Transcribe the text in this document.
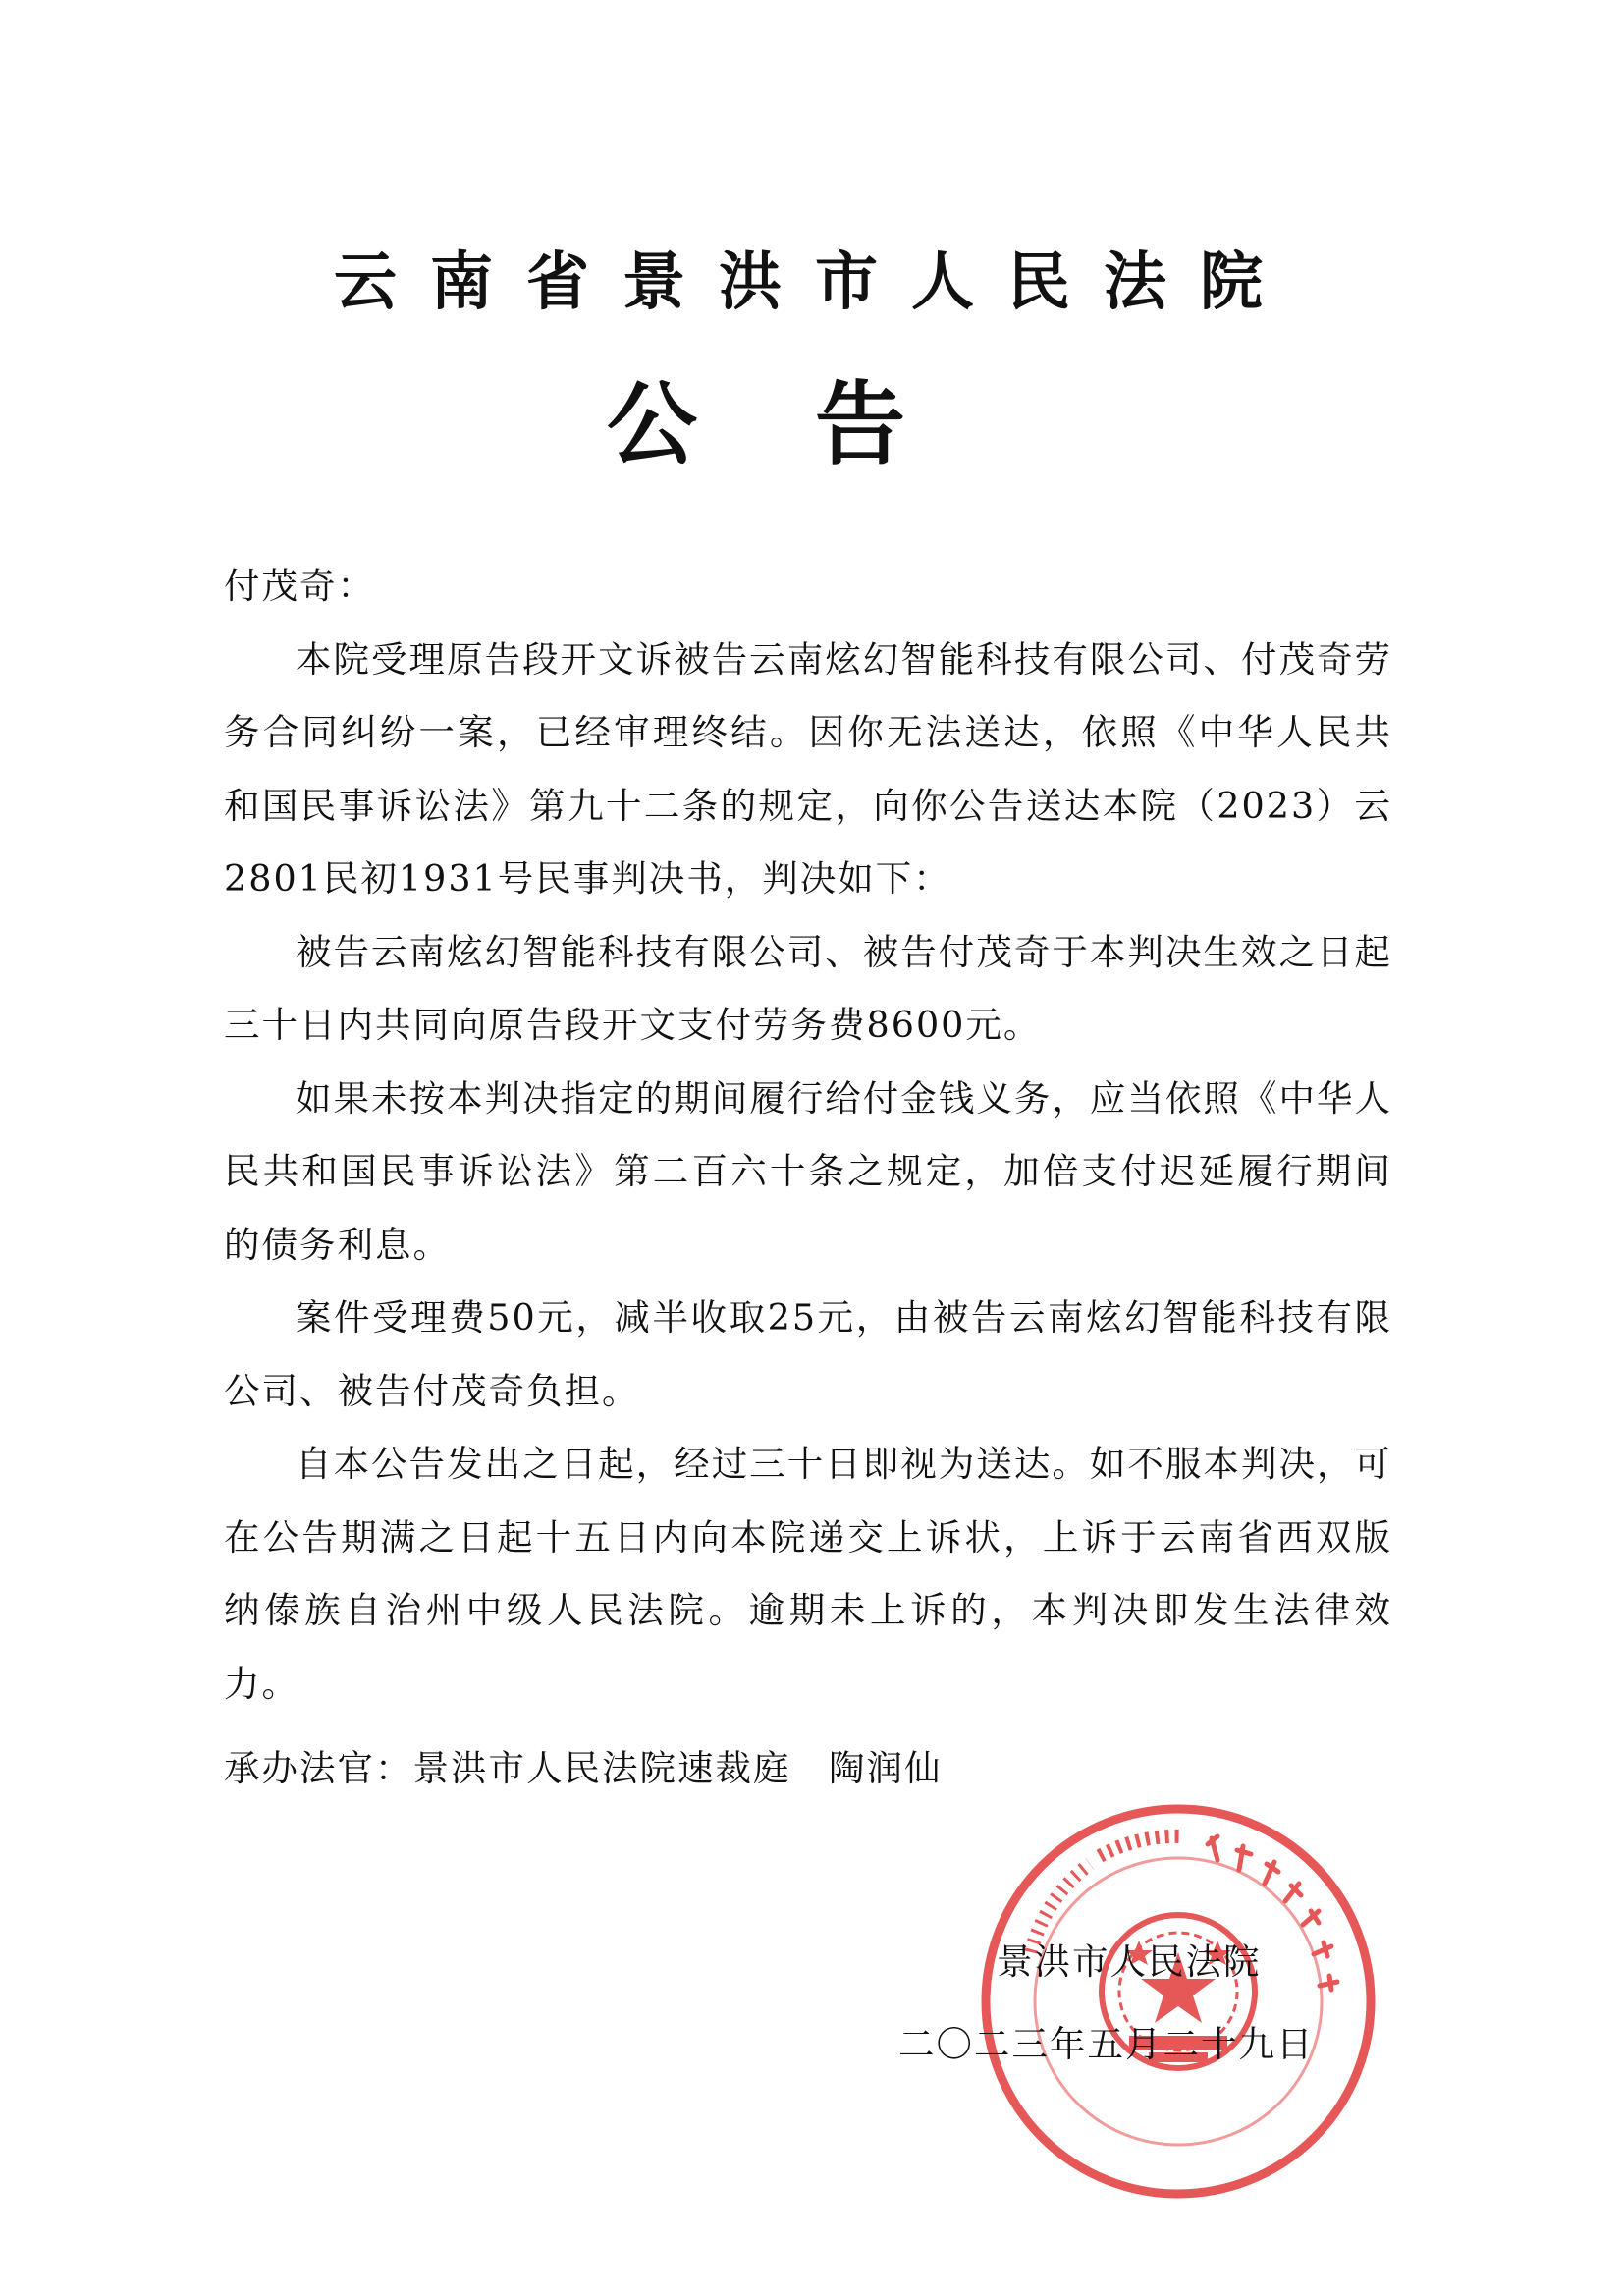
云南省景洪市人民法院
公告

付茂奇：

本院受理原告段开文诉被告云南炫幻智能科技有限公司、付茂奇劳务合同纠纷一案，已经审理终结。因你无法送达，依照《中华人民共和国民事诉讼法》第九十二条的规定，向你公告送达本院（2023）云2801民初1931号民事判决书，判决如下：

被告云南炫幻智能科技有限公司、被告付茂奇于本判决生效之日起三十日内共同向原告段开文支付劳务费8600元。

如果未按本判决指定的期间履行给付金钱义务，应当依照《中华人民共和国民事诉讼法》第二百六十条之规定，加倍支付迟延履行期间的债务利息。

案件受理费50元，减半收取25元，由被告云南炫幻智能科技有限公司、被告付茂奇负担。

自本公告发出之日起，经过三十日即视为送达。如不服本判决，可在公告期满之日起十五日内向本院递交上诉状，上诉于云南省西双版纳傣族自治州中级人民法院。逾期未上诉的，本判决即发生法律效力。

承办法官：景洪市人民法院速裁庭　陶润仙
景洪市人民法院
二〇二三年五月二十九日
